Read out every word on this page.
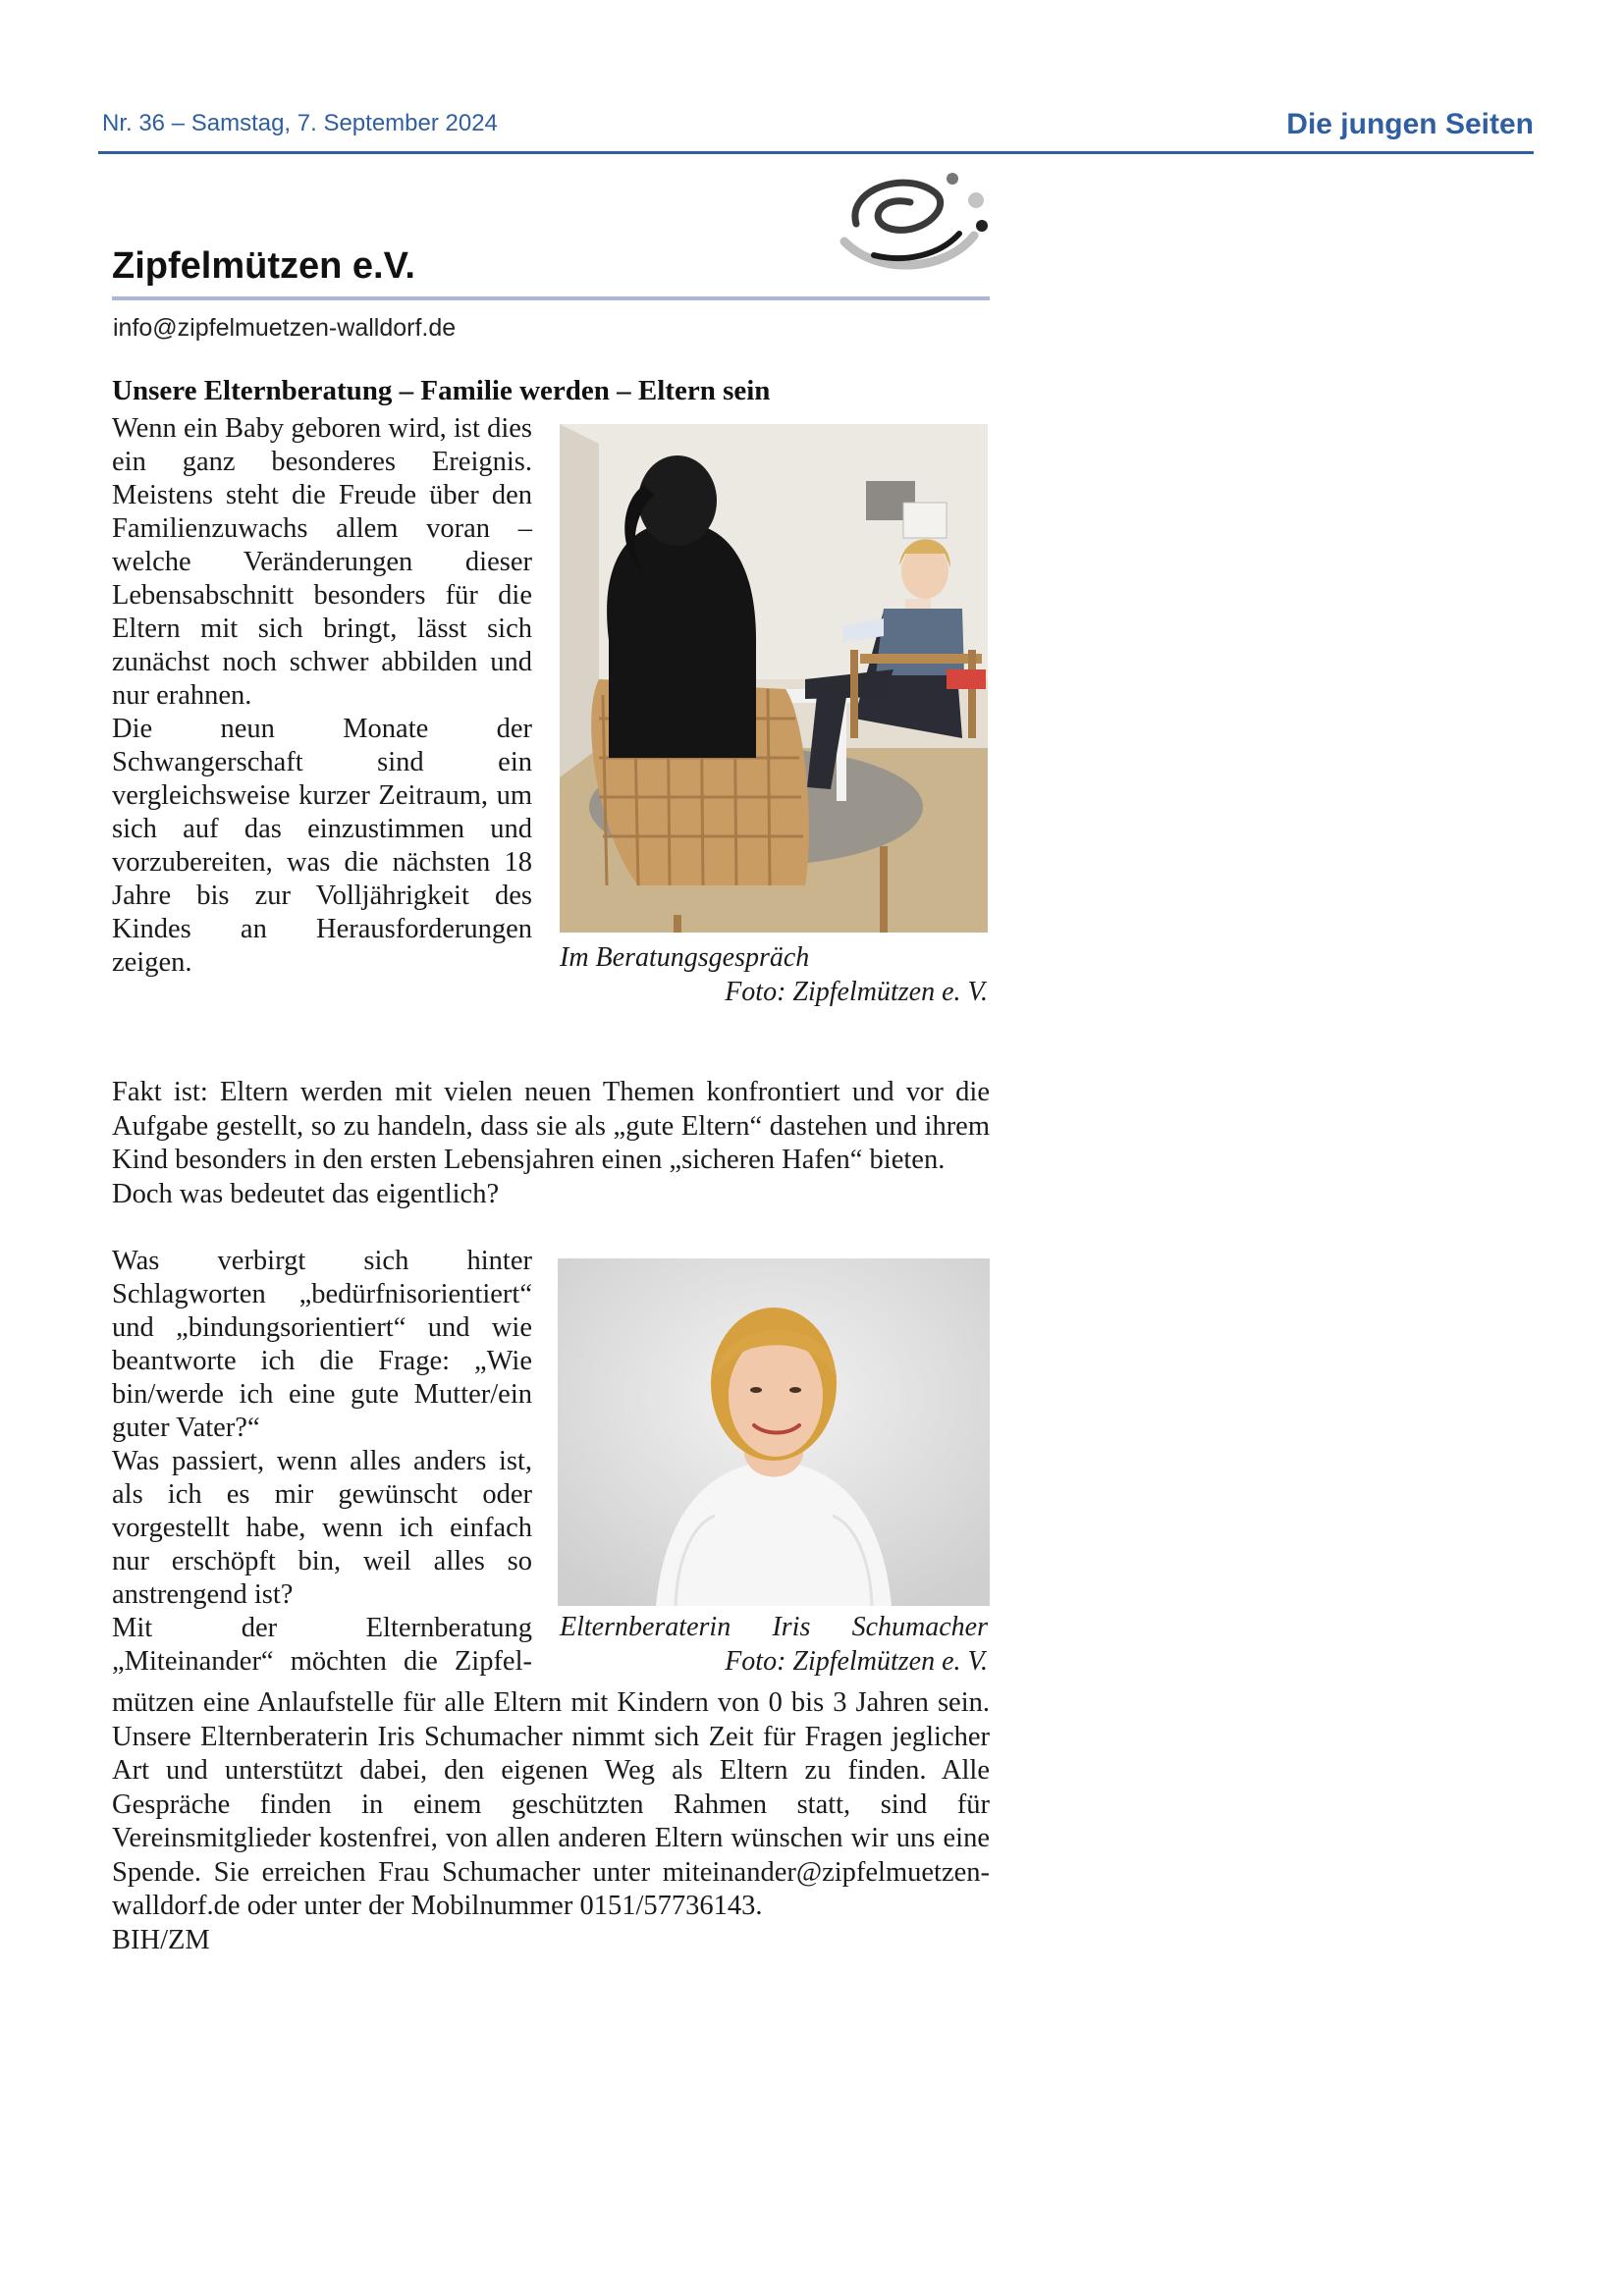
Nr. 36 – Samstag, 7. September 2024	Die jungen Seiten
Zipfelmützen e.V.
info@zipfelmuetzen-walldorf.de
Unsere Elternberatung – Familie werden – Eltern sein

Wenn ein Baby geboren wird, ist dies ein ganz besonderes Ereignis. Meistens steht die Freude über den Familienzuwachs allem voran – welche Veränderungen dieser Lebensabschnitt besonders für die Eltern mit sich bringt, lässt sich zunächst noch schwer abbilden und nur erahnen.

Die neun Monate der Schwangerschaft sind ein vergleichsweise kurzer Zeitraum, um sich auf das einzustimmen und vorzubereiten, was die nächsten 18 Jahre bis zur Volljährigkeit des Kindes an Herausforderungen zeigen.	Im Beratungsgespräch
Foto: Zipfelmützen e. V.

Fakt ist: Eltern werden mit vielen neuen Themen konfrontiert und vor die Aufgabe gestellt, so zu handeln, dass sie als „gute Eltern“ dastehen und ihrem Kind besonders in den ersten Lebensjahren einen „sicheren Hafen“ bieten.

Doch was bedeutet das eigentlich?

Was verbirgt sich hinter Schlagworten „bedürfnisorientiert“ und „bindungsorientiert“ und wie beantworte ich die Frage: „Wie bin/werde ich eine gute Mutter/ein guter Vater?“

Was passiert, wenn alles anders ist, als ich es mir gewünscht oder vorgestellt habe, wenn ich einfach nur erschöpft bin, weil alles so anstrengend ist?

Mit der Elternberatung „Miteinander“ möchten die Zipfel-

Elternberaterin Iris Schumacher
Foto: Zipfelmützen e. V.

mützen eine Anlaufstelle für alle Eltern mit Kindern von 0 bis 3 Jahren sein. Unsere Elternberaterin Iris Schumacher nimmt sich Zeit für Fragen jeglicher Art und unterstützt dabei, den eigenen Weg als Eltern zu finden. Alle Gespräche finden in einem geschützten Rahmen statt, sind für Vereinsmitglieder kostenfrei, von allen anderen Eltern wünschen wir uns eine Spende. Sie erreichen Frau Schumacher unter miteinander@zipfelmuetzen-walldorf.de oder unter der Mobilnummer 0151/57736143.

BIH/ZM
